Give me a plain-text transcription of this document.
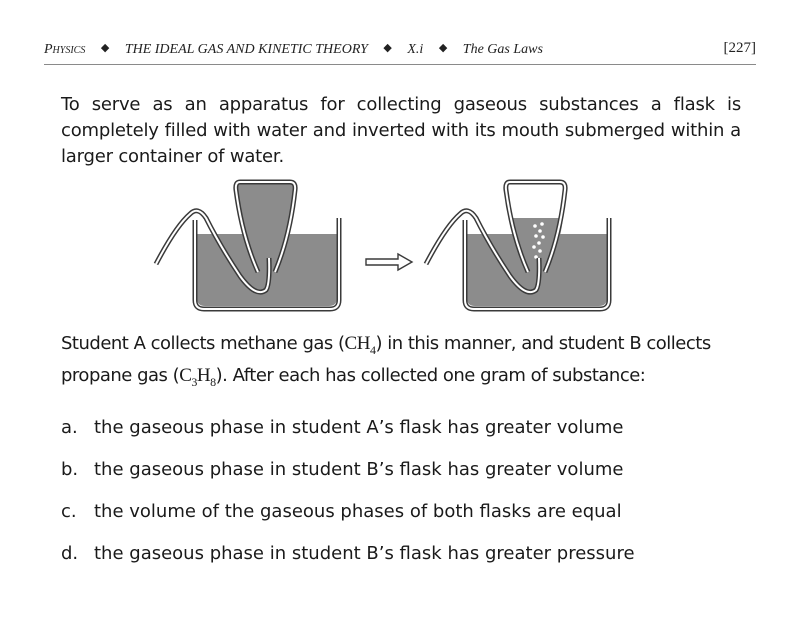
Physics ◆ THE IDEAL GAS AND KINETIC THEORY ◆ X.i ◆ The Gas Laws	[227]

To serve as an apparatus for collecting gaseous substances a flask is completely filled with water and inverted with its mouth submerged within a larger container of water.

Student A collects methane gas $(CH_4)$ in this manner, and student B collects propane gas $(C_3H_8)$. After each has collected one gram of substance:

a. the gaseous phase in student A’s flask has greater volume
b. the gaseous phase in student B’s flask has greater volume
c. the volume of the gaseous phases of both flasks are equal
d. the gaseous phase in student B’s flask has greater pressure
